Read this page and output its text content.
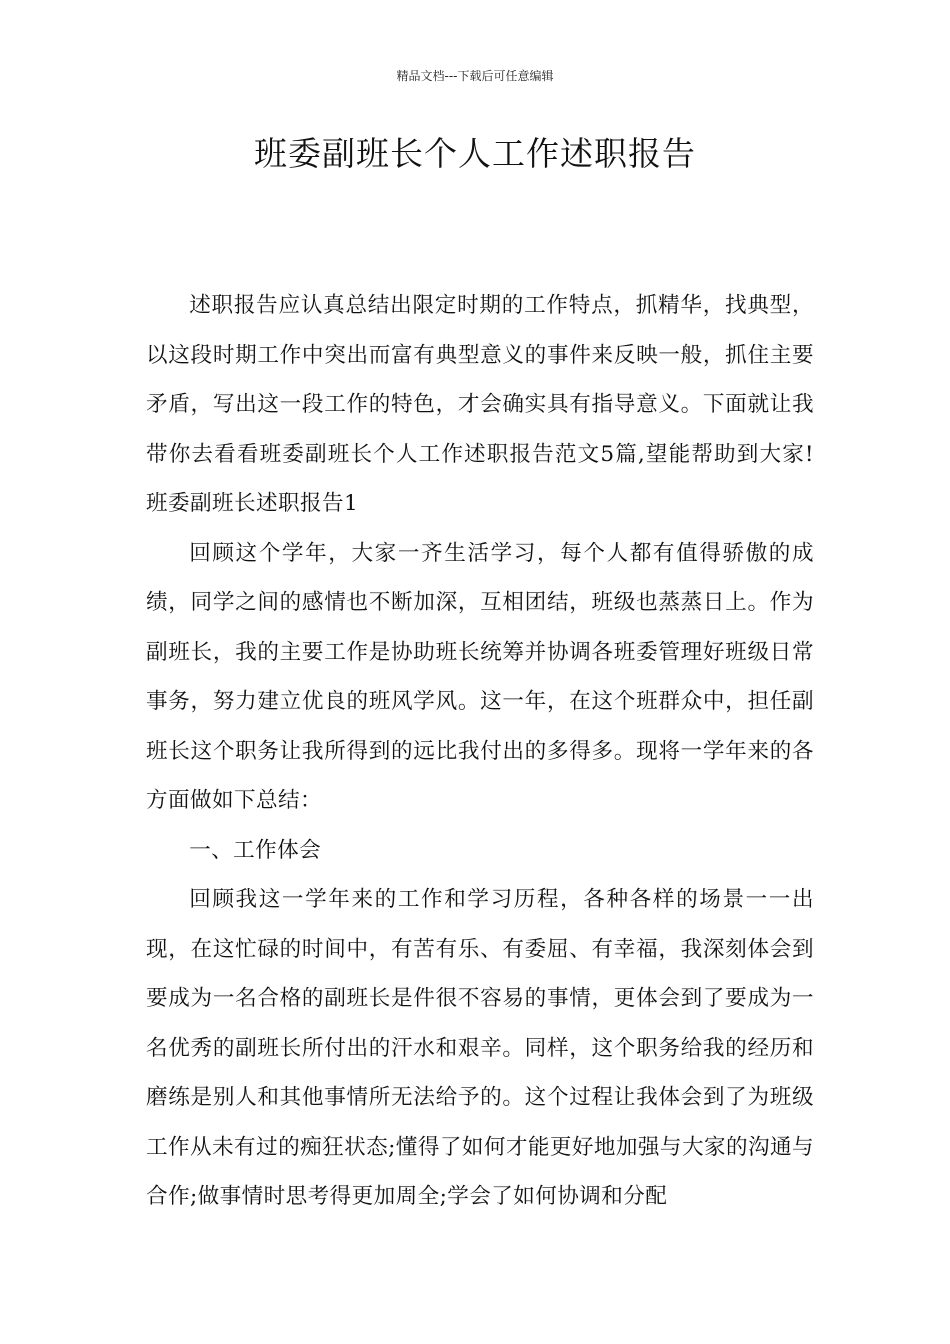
精品文档---下载后可任意编辑
班委副班长个人工作述职报告

述职报告应认真总结出限定时期的工作特点，抓精华，找典型，以这段时期工作中突出而富有典型意义的事件来反映一般，抓住主要矛盾，写出这一段工作的特色，才会确实具有指导意义。下面就让我带你去看看班委副班长个人工作述职报告范文5篇,望能帮助到大家!班委副班长述职报告1

回顾这个学年，大家一齐生活学习，每个人都有值得骄傲的成绩，同学之间的感情也不断加深，互相团结，班级也蒸蒸日上。作为副班长，我的主要工作是协助班长统筹并协调各班委管理好班级日常事务，努力建立优良的班风学风。这一年，在这个班群众中，担任副班长这个职务让我所得到的远比我付出的多得多。现将一学年来的各方面做如下总结：

一、工作体会

回顾我这一学年来的工作和学习历程，各种各样的场景一一出现，在这忙碌的时间中，有苦有乐、有委屈、有幸福，我深刻体会到要成为一名合格的副班长是件很不容易的事情，更体会到了要成为一名优秀的副班长所付出的汗水和艰辛。同样，这个职务给我的经历和磨练是别人和其他事情所无法给予的。这个过程让我体会到了为班级工作从未有过的痴狂状态;懂得了如何才能更好地加强与大家的沟通与合作;做事情时思考得更加周全;学会了如何协调和分配
